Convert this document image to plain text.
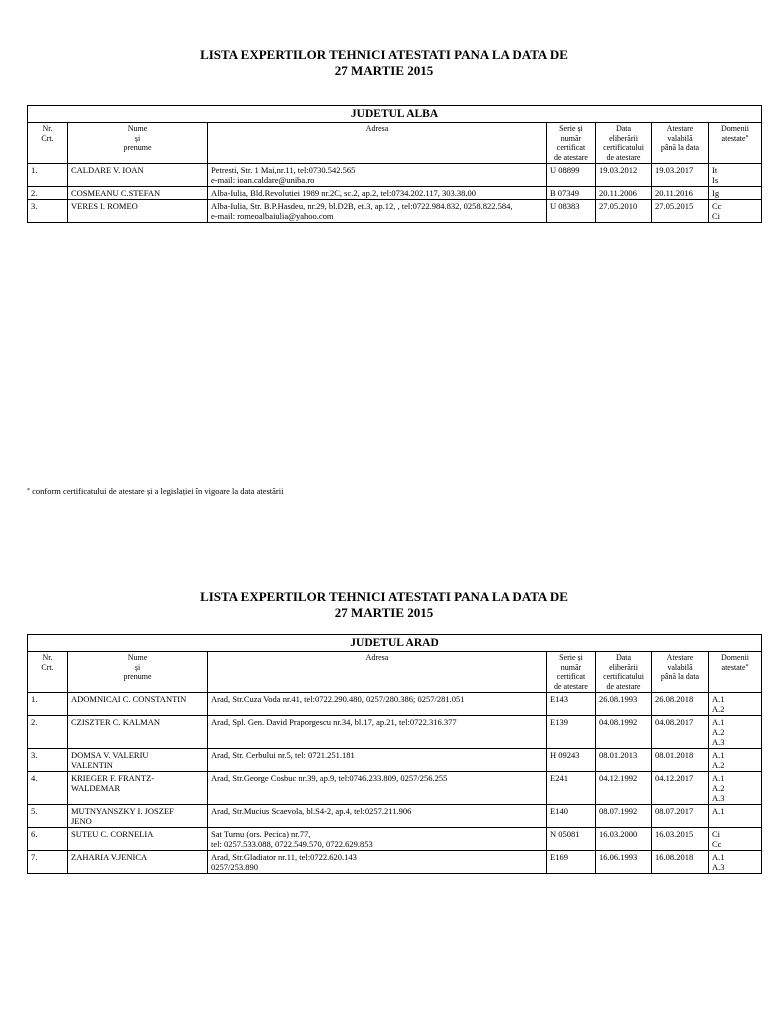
LISTA EXPERTILOR TEHNICI ATESTATI PANA LA DATA DE
27 MARTIE 2015
JUDETUL ALBA						
Nr.
Crt.	Nume
și
prenume	Adresa	Serie și
număr
certificat
de atestare	Data
eliberării
certificatului
de atestare	Atestare
valabilă
până la data	Domenii
atestate*
1.	CALDARE V. IOAN	Petresti, Str. 1 Mai,nr.11, tel:0730.542.565
e-mail: ioan.caldare@uniba.ro	U 08899	19.03.2012	19.03.2017	It
Is
2.	COSMEANU C.STEFAN	Alba-Iulia, Bld.Revolutiei 1989 nr.2C, sc.2, ap.2, tel:0734.202.117, 303.38.00	B 07349	20.11.2006	20.11.2016	Ig
3.	VERES I. ROMEO	Alba-Iulia, Str. B.P.Hasdeu, nr.29, bl.D2B, et.3, ap.12, , tel:0722.984.832, 0258.822.584,
e-mail: romeoalbaiulia@yahoo.com	U 08383	27.05.2010	27.05.2015	Cc
Ci
* conform certificatului de atestare și a legislației în vigoare la data atestării
LISTA EXPERTILOR TEHNICI ATESTATI PANA LA DATA DE
27 MARTIE 2015
JUDETUL ARAD						
Nr.
Crt.	Nume
și
prenume	Adresa	Serie și
număr
certificat
de atestare	Data
eliberării
certificatului
de atestare	Atestare
valabilă
până la data	Domenii
atestate*
1.	ADOMNICAI C. CONSTANTIN	Arad, Str.Cuza Voda nr.41, tel:0722.290.480, 0257/280.386; 0257/281.051	E143	26.08.1993	26.08.2018	A.1
A.2
2.	CZISZTER C. KALMAN	Arad, Spl. Gen. David Praporgescu nr.34, bl.17, ap.21, tel:0722.316.377	E139	04.08.1992	04.08.2017	A.1
A.2
A.3
3.	DOMSA V. VALERIU
VALENTIN	Arad, Str. Cerbului nr.5, tel: 0721.251.181	H 09243	08.01.2013	08.01.2018	A.1
A.2
4.	KRIEGER F. FRANTZ-
WALDEMAR	Arad, Str.George Cosbuc nr.39, ap.9, tel:0746.233.809, 0257/256.255	E241	04.12.1992	04.12.2017	A.1
A.2
A.3
5.	MUTNYANSZKY I. JOSZEF
JENO	Arad, Str.Mucius Scaevola, bl.S4-2, ap.4, tel:0257.211.906	E140	08.07.1992	08.07.2017	A.1
6.	SUTEU C. CORNELIA	Sat Turnu (ors. Pecica) nr.77,
tel: 0257.533.088, 0722.549.570, 0722.629.853	N 05081	16.03.2000	16.03.2015	Ci
Cc
7.	ZAHARIA V.JENICA	Arad, Str.Gladiator nr.11, tel:0722.620.143
0257/253.890	E169	16.06.1993	16.08.2018	A.1
A.3
